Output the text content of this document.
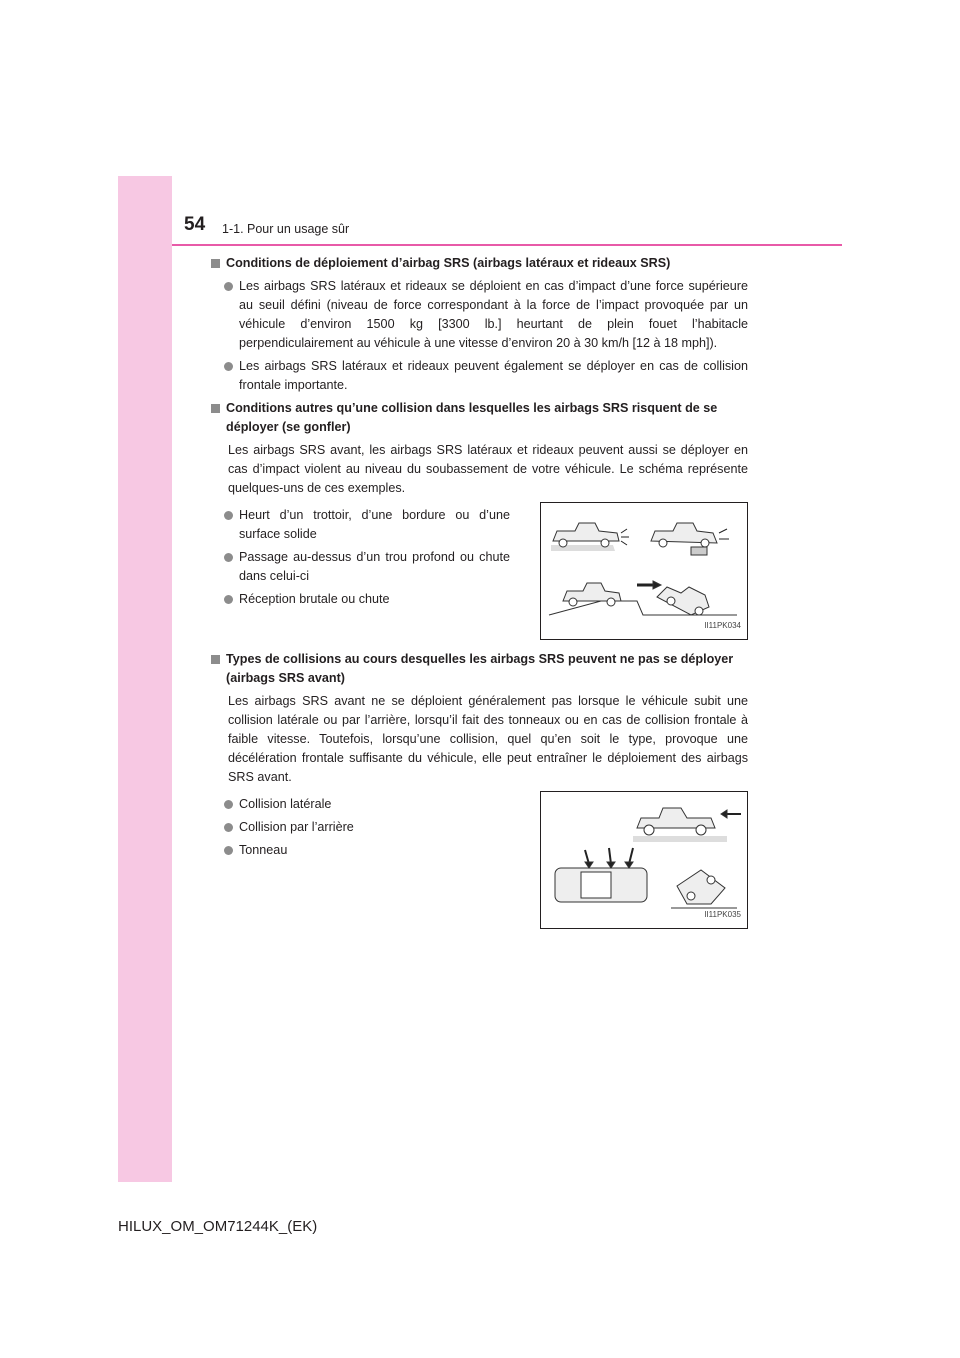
54 1-1. Pour un usage sûr
Conditions de déploiement d’airbag SRS (airbags latéraux et rideaux SRS)
Les airbags SRS latéraux et rideaux se déploient en cas d’impact d’une force supérieure au seuil défini (niveau de force correspondant à la force de l’impact provoquée par un véhicule d’environ 1500 kg [3300 lb.] heurtant de plein fouet l’habitacle perpendiculairement au véhicule à une vitesse d’environ 20 à 30 km/h [12 à 18 mph]).
Les airbags SRS latéraux et rideaux peuvent également se déployer en cas de collision frontale importante.
Conditions autres qu’une collision dans lesquelles les airbags SRS risquent de se déployer (se gonfler)
Les airbags SRS avant, les airbags SRS latéraux et rideaux peuvent aussi se déployer en cas d’impact violent au niveau du soubassement de votre véhicule. Le schéma représente quelques-uns de ces exemples.
Heurt d’un trottoir, d’une bordure ou d’une surface solide
Passage au-dessus d’un trou profond ou chute dans celui-ci
Réception brutale ou chute
II11PK034
Types de collisions au cours desquelles les airbags SRS peuvent ne pas se déployer (airbags SRS avant)
Les airbags SRS avant ne se déploient généralement pas lorsque le véhicule subit une collision latérale ou par l’arrière, lorsqu’il fait des tonneaux ou en cas de collision frontale à faible vitesse. Toutefois, lorsqu’une collision, quel qu’en soit le type, provoque une décélération frontale suffisante du véhicule, elle peut entraîner le déploiement des airbags SRS avant.
Collision latérale
Collision par l’arrière
Tonneau
II11PK035
HILUX_OM_OM71244K_(EK)
